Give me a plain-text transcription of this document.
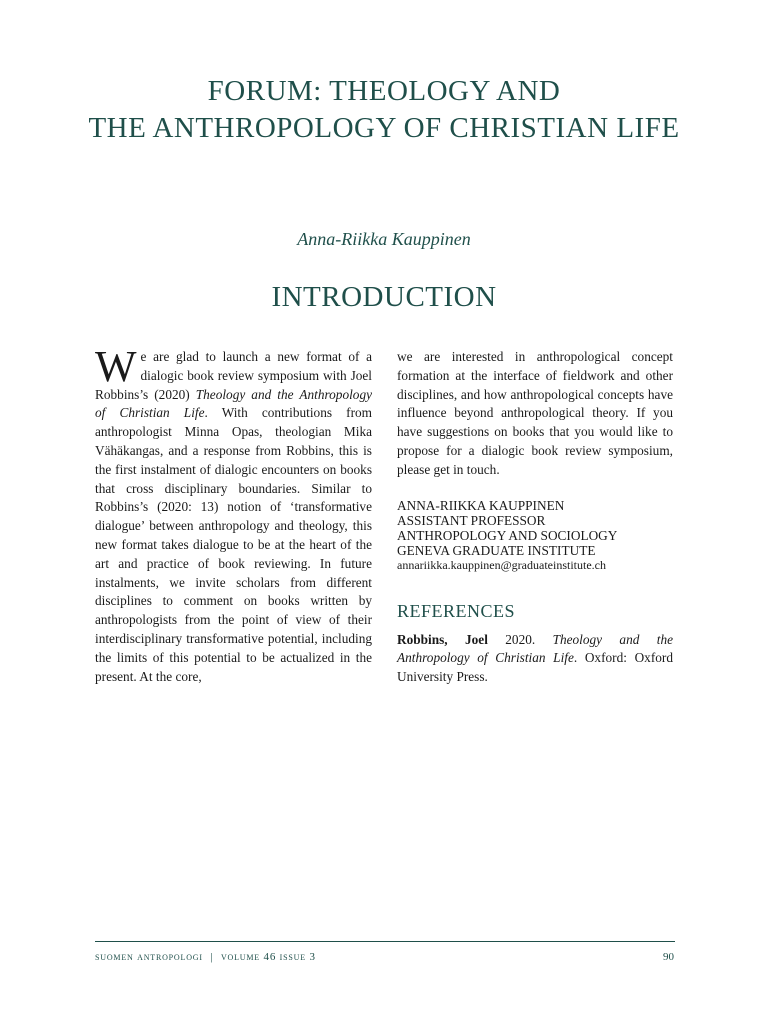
FORUM: THEOLOGY AND
THE ANTHROPOLOGY OF CHRISTIAN LIFE
Anna-Riikka Kauppinen
INTRODUCTION

We are glad to launch a new format of a dialogic book review symposium with Joel Robbins’s (2020) Theology and the Anthropology of Christian Life. With contributions from anthropologist Minna Opas, theologian Mika Vähäkangas, and a response from Robbins, this is the first instalment of dialogic encounters on books that cross disciplinary boundaries. Similar to Robbins’s (2020: 13) notion of ‘transformative dialogue’ between anthropology and theology, this new format takes dialogue to be at the heart of the art and practice of book reviewing. In future instalments, we invite scholars from different disciplines to comment on books written by anthropologists from the point of view of their interdisciplinary transformative potential, including the limits of this potential to be actualized in the present. At the core,

we are interested in anthropological concept formation at the interface of fieldwork and other disciplines, and how anthropological concepts have influence beyond anthropological theory. If you have suggestions on books that you would like to propose for a dialogic book review symposium, please get in touch.

ANNA-RIIKKA KAUPPINEN
ASSISTANT PROFESSOR
ANTHROPOLOGY AND SOCIOLOGY
GENEVA GRADUATE INSTITUTE
annariikka.kauppinen@graduateinstitute.ch
REFERENCES

Robbins, Joel 2020. Theology and the Anthropology of Christian Life. Oxford: Oxford University Press.

suomen antropologi | volume 46 issue 3	90
